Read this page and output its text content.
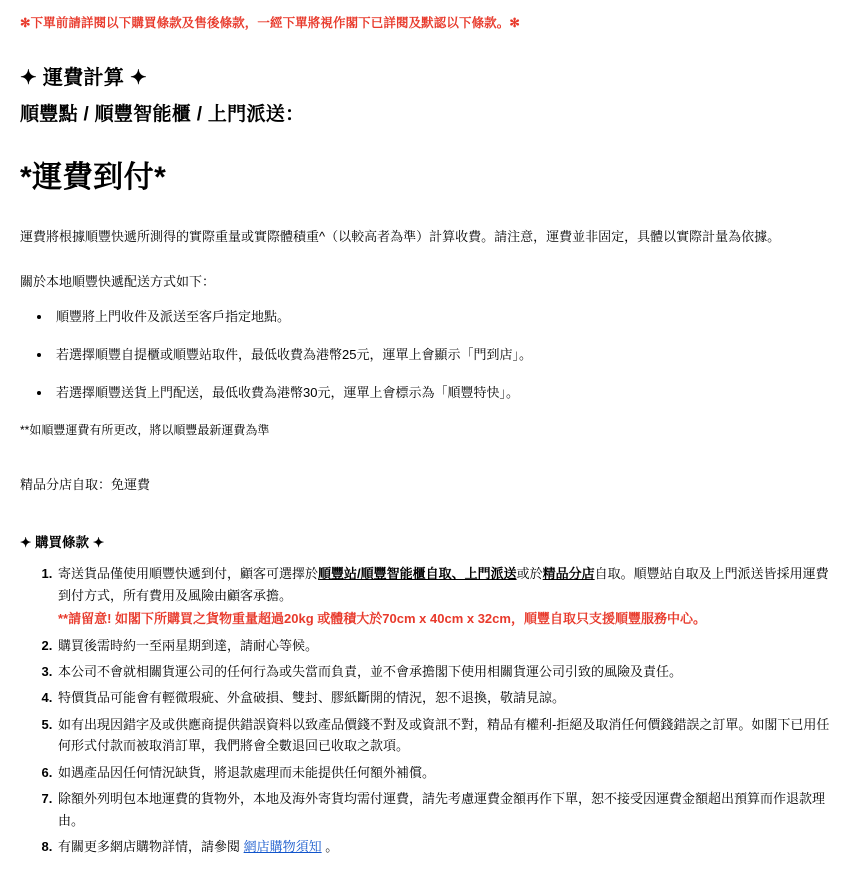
✻下單前請詳閱以下購買條款及售後條款，一經下單將視作閣下已詳閱及默認以下條款。✻
✦ 運費計算 ✦
順豐點 / 順豐智能櫃 / 上門派送：
*運費到付*

運費將根據順豐快遞所測得的實際重量或實際體積重^（以較高者為準）計算收費。請注意，運費並非固定，具體以實際計量為依據。

關於本地順豐快遞配送方式如下：

• 順豐將上門收件及派送至客戶指定地點。
• 若選擇順豐自提櫃或順豐站取件，最低收費為港幣25元，運單上會顯示「門到店」。
• 若選擇順豐送貨上門配送，最低收費為港幣30元，運單上會標示為「順豐特快」。

**如順豐運費有所更改，將以順豐最新運費為準

精品分店自取：免運費

✦ 購買條款 ✦
1. 寄送貨品僅使用順豐快遞到付，顧客可選擇於順豐站/順豐智能櫃自取、上門派送或於精品分店自取。順豐站自取及上門派送皆採用運費到付方式，所有費用及風險由顧客承擔。
**請留意! 如閣下所購買之貨物重量超過20kg 或體積大於70cm x 40cm x 32cm，順豐自取只支援順豐服務中心。
2. 購買後需時約一至兩星期到達，請耐心等候。
3. 本公司不會就相關貨運公司的任何行為或失當而負責，並不會承擔閣下使用相關貨運公司引致的風險及責任。
4. 特價貨品可能會有輕微瑕疵、外盒破損、雙封、膠紙斷開的情況，恕不退換，敬請見諒。
5. 如有出現因錯字及或供應商提供錯誤資料以致產品價錢不對及或資訊不對，精品有權利-拒絕及取消任何價錢錯誤之訂單。如閣下已用任何形式付款而被取消訂單，我們將會全數退回已收取之款項。
6. 如遇產品因任何情況缺貨，將退款處理而未能提供任何額外補償。
7. 除額外列明包本地運費的貨物外，本地及海外寄貨均需付運費，請先考慮運費金額再作下單，恕不接受因運費金額超出預算而作退款理由。
8. 有關更多網店購物詳情，請參閱 網店購物須知 。
